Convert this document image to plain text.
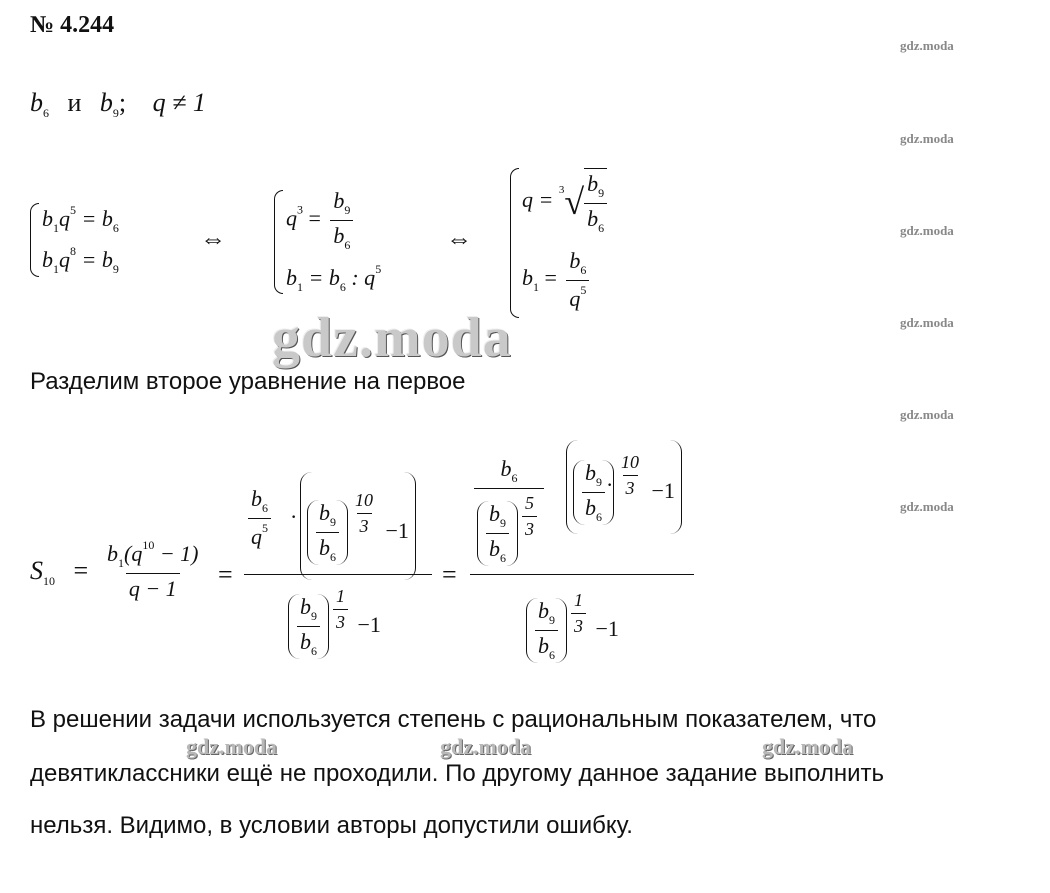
№ 4.244
gdz.moda
gdz.moda
gdz.moda
gdz.moda
gdz.moda
gdz.moda
$b_6$ и $b_9$; q ≠ 1
$b_1q^5 = b_6$
$b_1q^8 = b_9$
⇔
$q^3 = \frac{b_9}{b_6}$
$b_1 = b_6$ : $q^5$
⇔
$q = ^3√ \frac{b_9}{b_6}$
$b_1 = \frac{b_6}{q^5}$
gdz.moda
Разделим второе уравнение на первое
$S_{10} = \frac{b_1(q^{10} - 1)}{q - 1}$ =
$\frac{b_6}{q^5} \cdot \frac{b_9}{b_6} \frac{10}{3} -1$
$\frac{b_9}{b_6} \frac{1}{3} -1$
=
$\frac{b_6}{\frac{b_9}{b_6} \frac{5}{3}}$	·
$\frac{b_9}{b_6} \frac{10}{3} -1$
$\frac{b_9}{b_6} \frac{1}{3} -1$
В решении задачи используется степень с рациональным показателем, что
gdz.moda	gdz.moda	gdz.moda
девятиклассники ещё не проходили. По другому данное задание выполнить
нельзя. Видимо, в условии авторы допустили ошибку.
